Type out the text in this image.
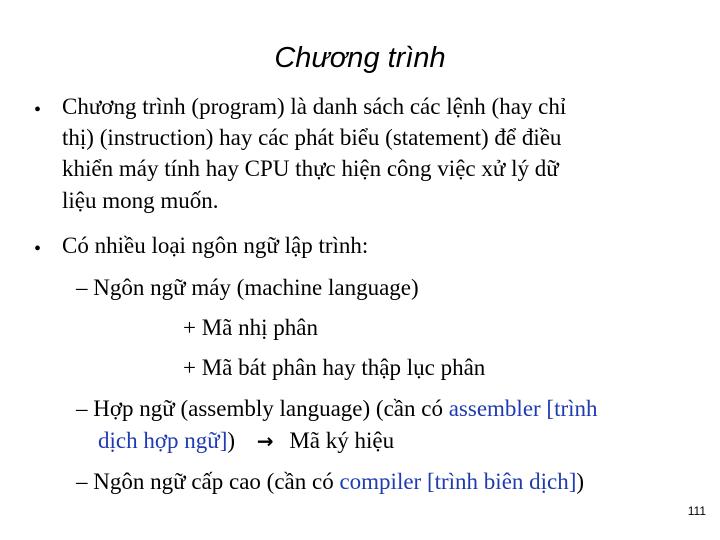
Chương trình
• Chương trình (program) là danh sách các lệnh (hay chỉ
thị) (instruction) hay các phát biểu (statement) để điều
khiển máy tính hay CPU thực hiện công việc xử lý dữ
liệu mong muốn.
• Có nhiều loại ngôn ngữ lập trình:
– Ngôn ngữ máy (machine language)
+ Mã nhị phân
+ Mã bát phân hay thập lục phân
– Hợp ngữ (assembly language) (cần có assembler [trình
dịch hợp ngữ]) → Mã ký hiệu
– Ngôn ngữ cấp cao (cần có compiler [trình biên dịch])
111
